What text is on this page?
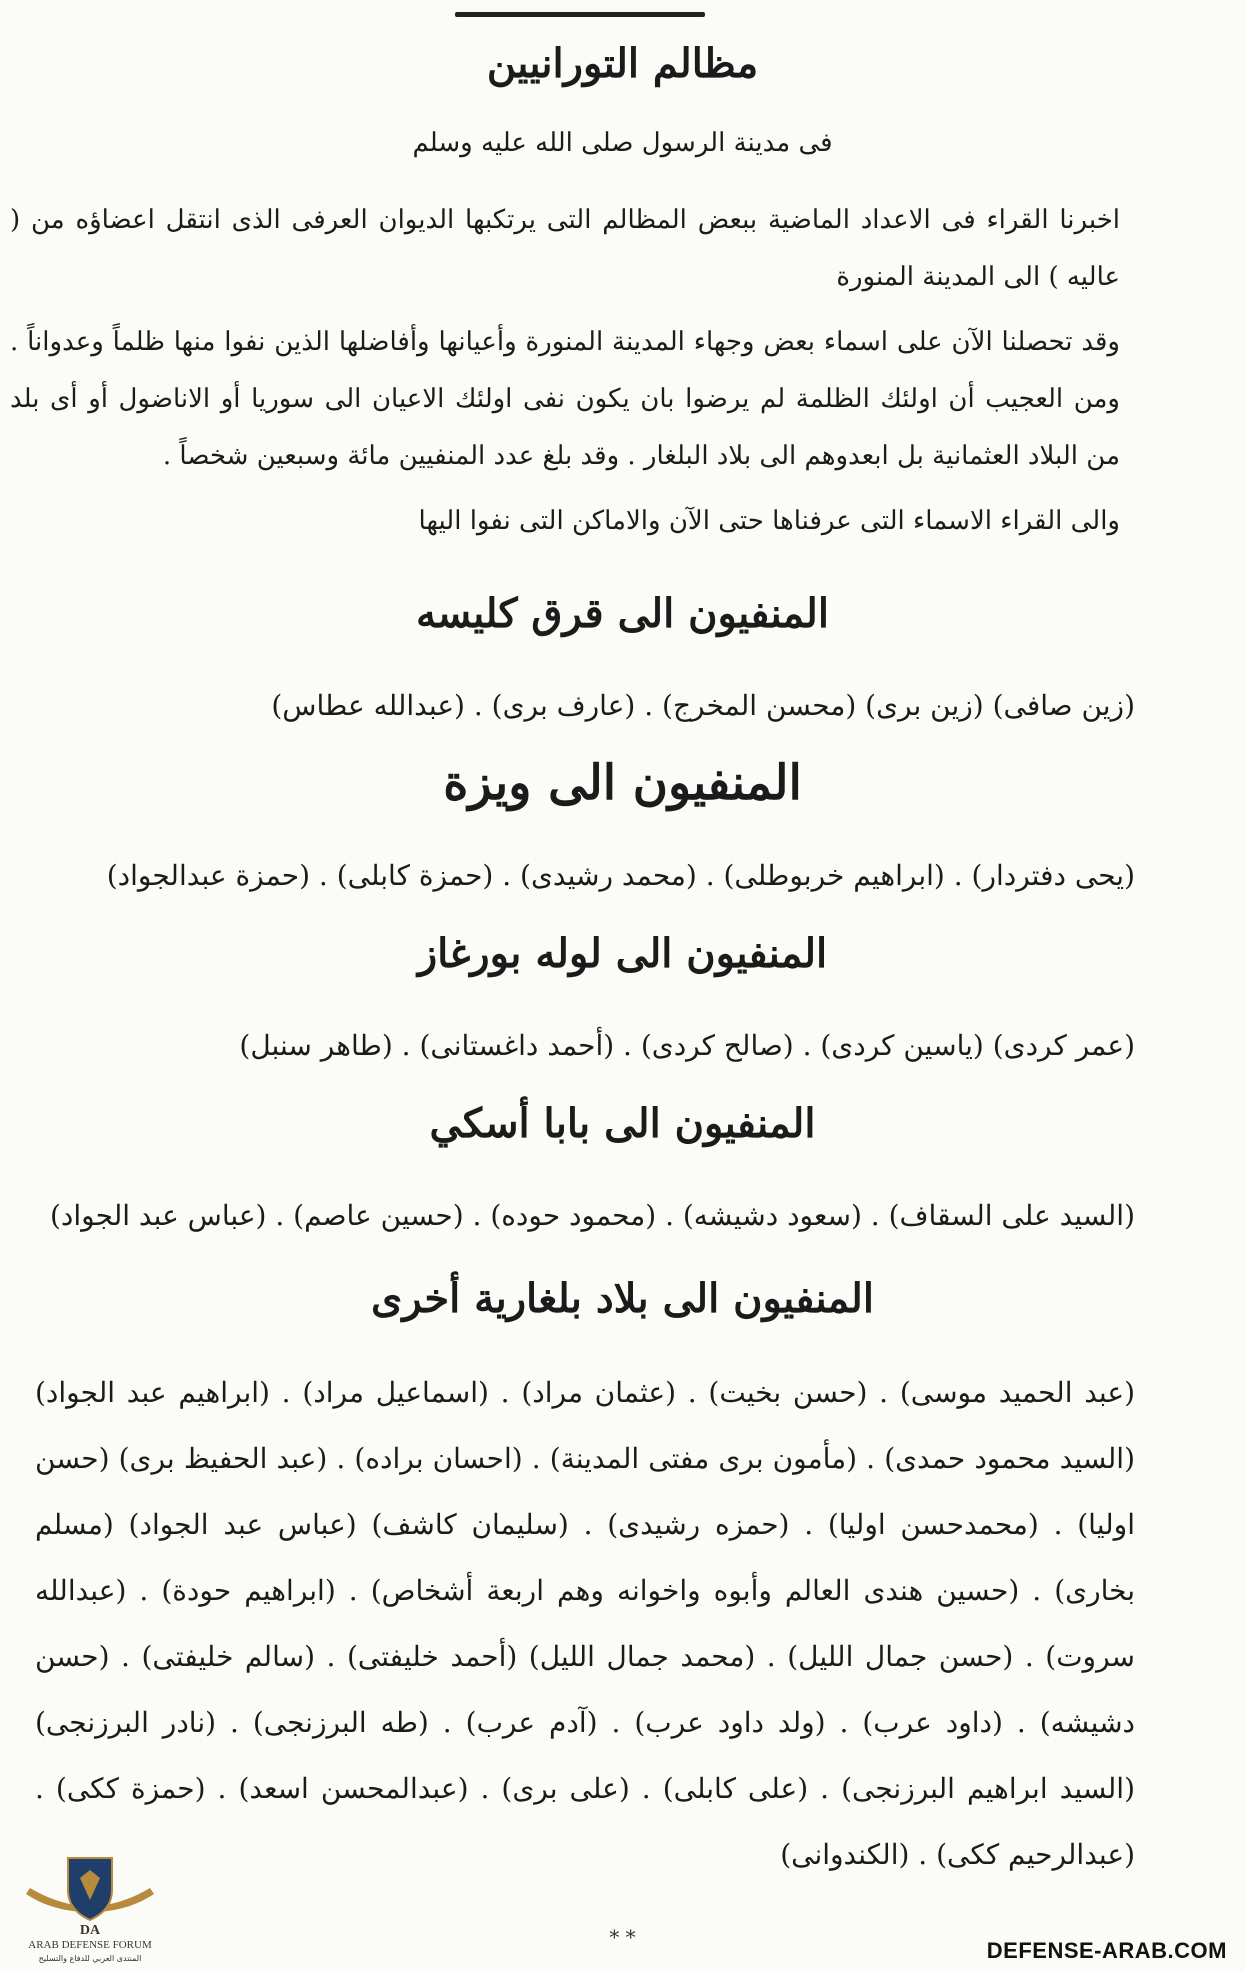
مظالم التورانيين
فى مدينة الرسول صلى الله عليه وسلم

اخبرنا القراء فى الاعداد الماضية ببعض المظالم التى يرتكبها الديوان العرفى الذى انتقل اعضاؤه من ( عاليه ) الى المدينة المنورة

وقد تحصلنا الآن على اسماء بعض وجهاء المدينة المنورة وأعيانها وأفاضلها الذين نفوا منها ظلماً وعدواناً . ومن العجيب أن اولئك الظلمة لم يرضوا بان يكون نفى اولئك الاعيان الى سوريا أو الاناضول أو أى بلد من البلاد العثمانية بل ابعدوهم الى بلاد البلغار . وقد بلغ عدد المنفيين مائة وسبعين شخصاً .

والى القراء الاسماء التى عرفناها حتى الآن والاماكن التى نفوا اليها

المنفيون الى قرق كليسه
(زين صافى) (زين برى) (محسن المخرج) . (عارف برى) . (عبدالله عطاس)
المنفيون الى ويزة
(يحى دفتردار) . (ابراهيم خربوطلى) . (محمد رشيدى) . (حمزة كابلى) . (حمزة عبدالجواد)
المنفيون الى لوله بورغاز
(عمر كردى) (ياسين كردى) . (صالح كردى) . (أحمد داغستانى) . (طاهر سنبل)
المنفيون الى بابا أسكي
(السيد على السقاف) . (سعود دشيشه) . (محمود حوده) . (حسين عاصم) . (عباس عبد الجواد)
المنفيون الى بلاد بلغارية أخرى
(عبد الحميد موسى) . (حسن بخيت) . (عثمان مراد) . (اسماعيل مراد) . (ابراهيم عبد الجواد) (السيد محمود حمدى) . (مأمون برى مفتى المدينة) . (احسان براده) . (عبد الحفيظ برى) (حسن اوليا) . (محمدحسن اوليا) . (حمزه رشيدى) . (سليمان كاشف) (عباس عبد الجواد) (مسلم بخارى) . (حسين هندى العالم وأبوه واخوانه وهم اربعة أشخاص) . (ابراهيم حودة) . (عبدالله سروت) . (حسن جمال الليل) . (محمد جمال الليل) (أحمد خليفتى) . (سالم خليفتى) . (حسن دشيشه) . (داود عرب) . (ولد داود عرب) . (آدم عرب) . (طه البرزنجى) . (نادر البرزنجى) (السيد ابراهيم البرزنجى) . (على كابلى) . (على برى) . (عبدالمحسن اسعد) . (حمزة ككى) . (عبدالرحيم ككى) . (الكندوانى)
* *
DA
ARAB DEFENSE FORUM
المنتدى العربي للدفاع والتسليح	DEFENSE-ARAB.COM
